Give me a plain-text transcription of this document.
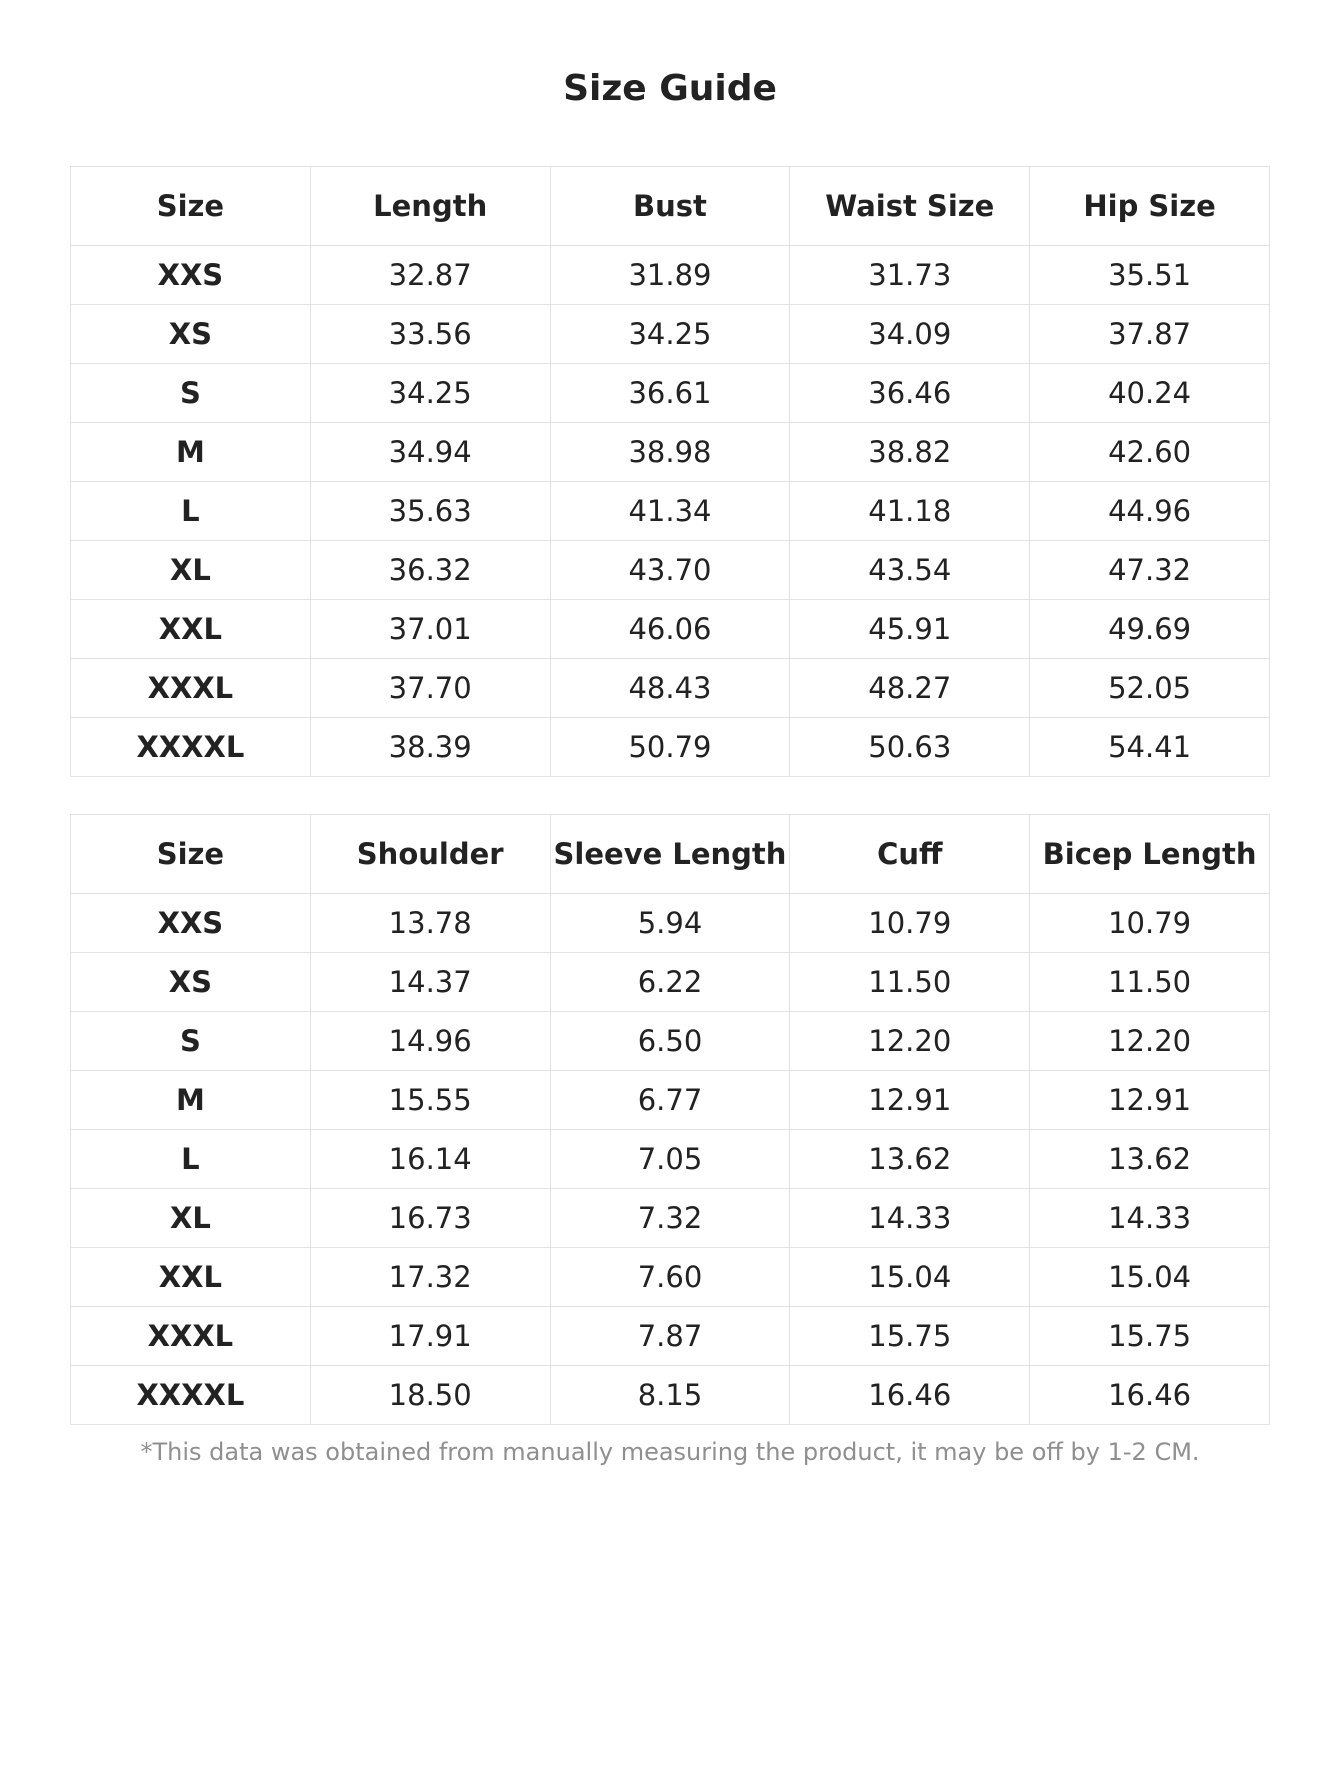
Size Guide
Size	Length	Bust	Waist Size	Hip Size
XXS	32.87	31.89	31.73	35.51
XS	33.56	34.25	34.09	37.87
S	34.25	36.61	36.46	40.24
M	34.94	38.98	38.82	42.60
L	35.63	41.34	41.18	44.96
XL	36.32	43.70	43.54	47.32
XXL	37.01	46.06	45.91	49.69
XXXL	37.70	48.43	48.27	52.05
XXXXL	38.39	50.79	50.63	54.41
Size	Shoulder	Sleeve Length	Cuff	Bicep Length
XXS	13.78	5.94	10.79	10.79
XS	14.37	6.22	11.50	11.50
S	14.96	6.50	12.20	12.20
M	15.55	6.77	12.91	12.91
L	16.14	7.05	13.62	13.62
XL	16.73	7.32	14.33	14.33
XXL	17.32	7.60	15.04	15.04
XXXL	17.91	7.87	15.75	15.75
XXXXL	18.50	8.15	16.46	16.46

*This data was obtained from manually measuring the product, it may be off by 1-2 CM.
